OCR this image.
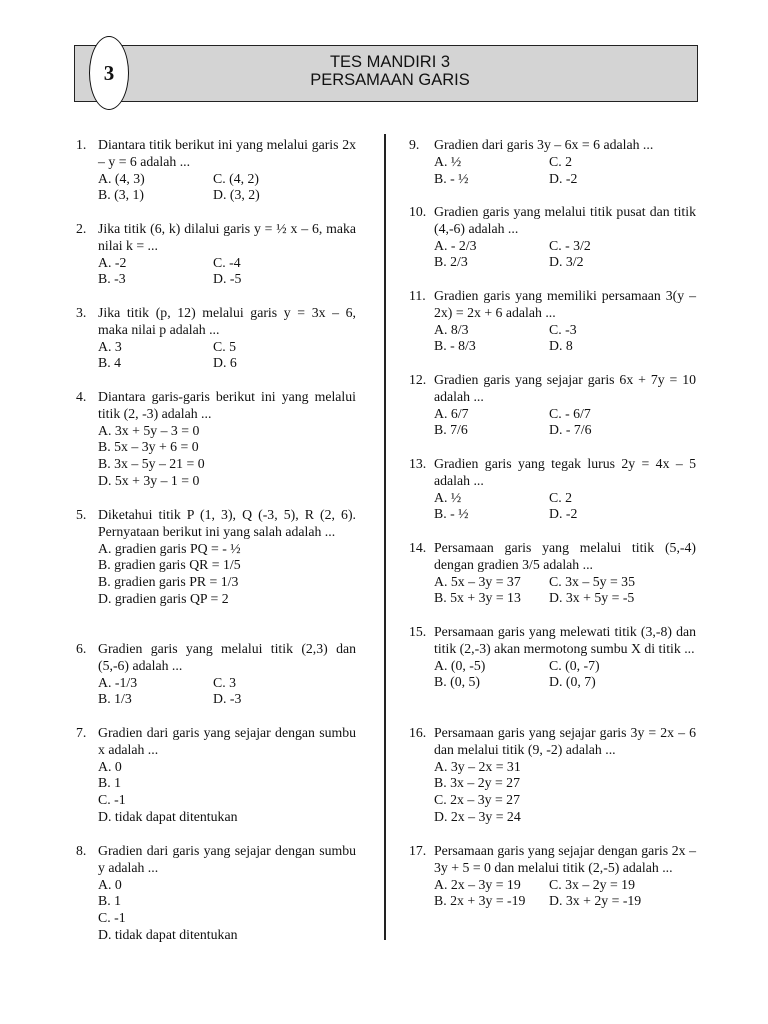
3	TES MANDIRI 3
PERSAMAAN GARIS
1. Diantara titik berikut ini yang melalui garis 2x – y = 6 adalah ...
A. (4, 3)	C. (4, 2)
B. (3, 1)	D. (3, 2)
2. Jika titik (6, k) dilalui garis y = ½ x – 6, maka nilai k = ...
A. -2	C. -4
B. -3	D. -5
3. Jika titik (p, 12) melalui garis y = 3x – 6, maka nilai p adalah ...
A. 3	C. 5
B. 4	D. 6
4. Diantara garis-garis berikut ini yang melalui titik (2, -3) adalah ...
A. 3x + 5y – 3 = 0
B. 5x – 3y + 6 = 0
B. 3x – 5y – 21 = 0
D. 5x + 3y – 1 = 0
5. Diketahui titik P (1, 3), Q (-3, 5), R (2, 6). Pernyataan berikut ini yang salah adalah ...
A. gradien garis PQ = - ½
B. gradien garis QR = 1/5
B. gradien garis PR = 1/3
D. gradien garis QP = 2
6. Gradien garis yang melalui titik (2,3) dan (5,-6) adalah ...
A. -1/3	C. 3
B. 1/3	D. -3
7. Gradien dari garis yang sejajar dengan sumbu x adalah ...
A. 0
B. 1
C. -1
D. tidak dapat ditentukan
8. Gradien dari garis yang sejajar dengan sumbu y adalah ...
A. 0
B. 1
C. -1
D. tidak dapat ditentukan
9.	Gradien dari garis 3y – 6x = 6 adalah ...
A. ½	C. 2
B. - ½	D. -2
10. Gradien garis yang melalui titik pusat dan titik (4,-6) adalah ...
A. - 2/3	C. - 3/2
B. 2/3	D. 3/2
11. Gradien garis yang memiliki persamaan 3(y – 2x) = 2x + 6 adalah ...
A. 8/3	C. -3
B. - 8/3	D. 8
12. Gradien garis yang sejajar garis 6x + 7y = 10 adalah ...
A. 6/7	C. - 6/7
B. 7/6	D. - 7/6
13. Gradien garis yang tegak lurus 2y = 4x – 5 adalah ...
A. ½	C. 2
B. - ½	D. -2
14. Persamaan garis yang melalui titik (5,-4) dengan gradien 3/5 adalah ...
A. 5x – 3y = 37	C. 3x – 5y = 35
B. 5x + 3y = 13	D. 3x + 5y = -5
15. Persamaan garis yang melewati titik (3,-8) dan titik (2,-3) akan mermotong sumbu X di titik ...
A. (0, -5)	C. (0, -7)
B. (0, 5)	D. (0, 7)
16. Persamaan garis yang sejajar garis 3y = 2x – 6 dan melalui titik (9, -2) adalah ...
A. 3y – 2x = 31
B. 3x – 2y = 27
C. 2x – 3y = 27
D. 2x – 3y = 24
17. Persamaan garis yang sejajar dengan garis 2x – 3y + 5 = 0 dan melalui titik (2,-5) adalah ...
A. 2x – 3y = 19	C. 3x – 2y = 19
B. 2x + 3y = -19	D. 3x + 2y = -19
